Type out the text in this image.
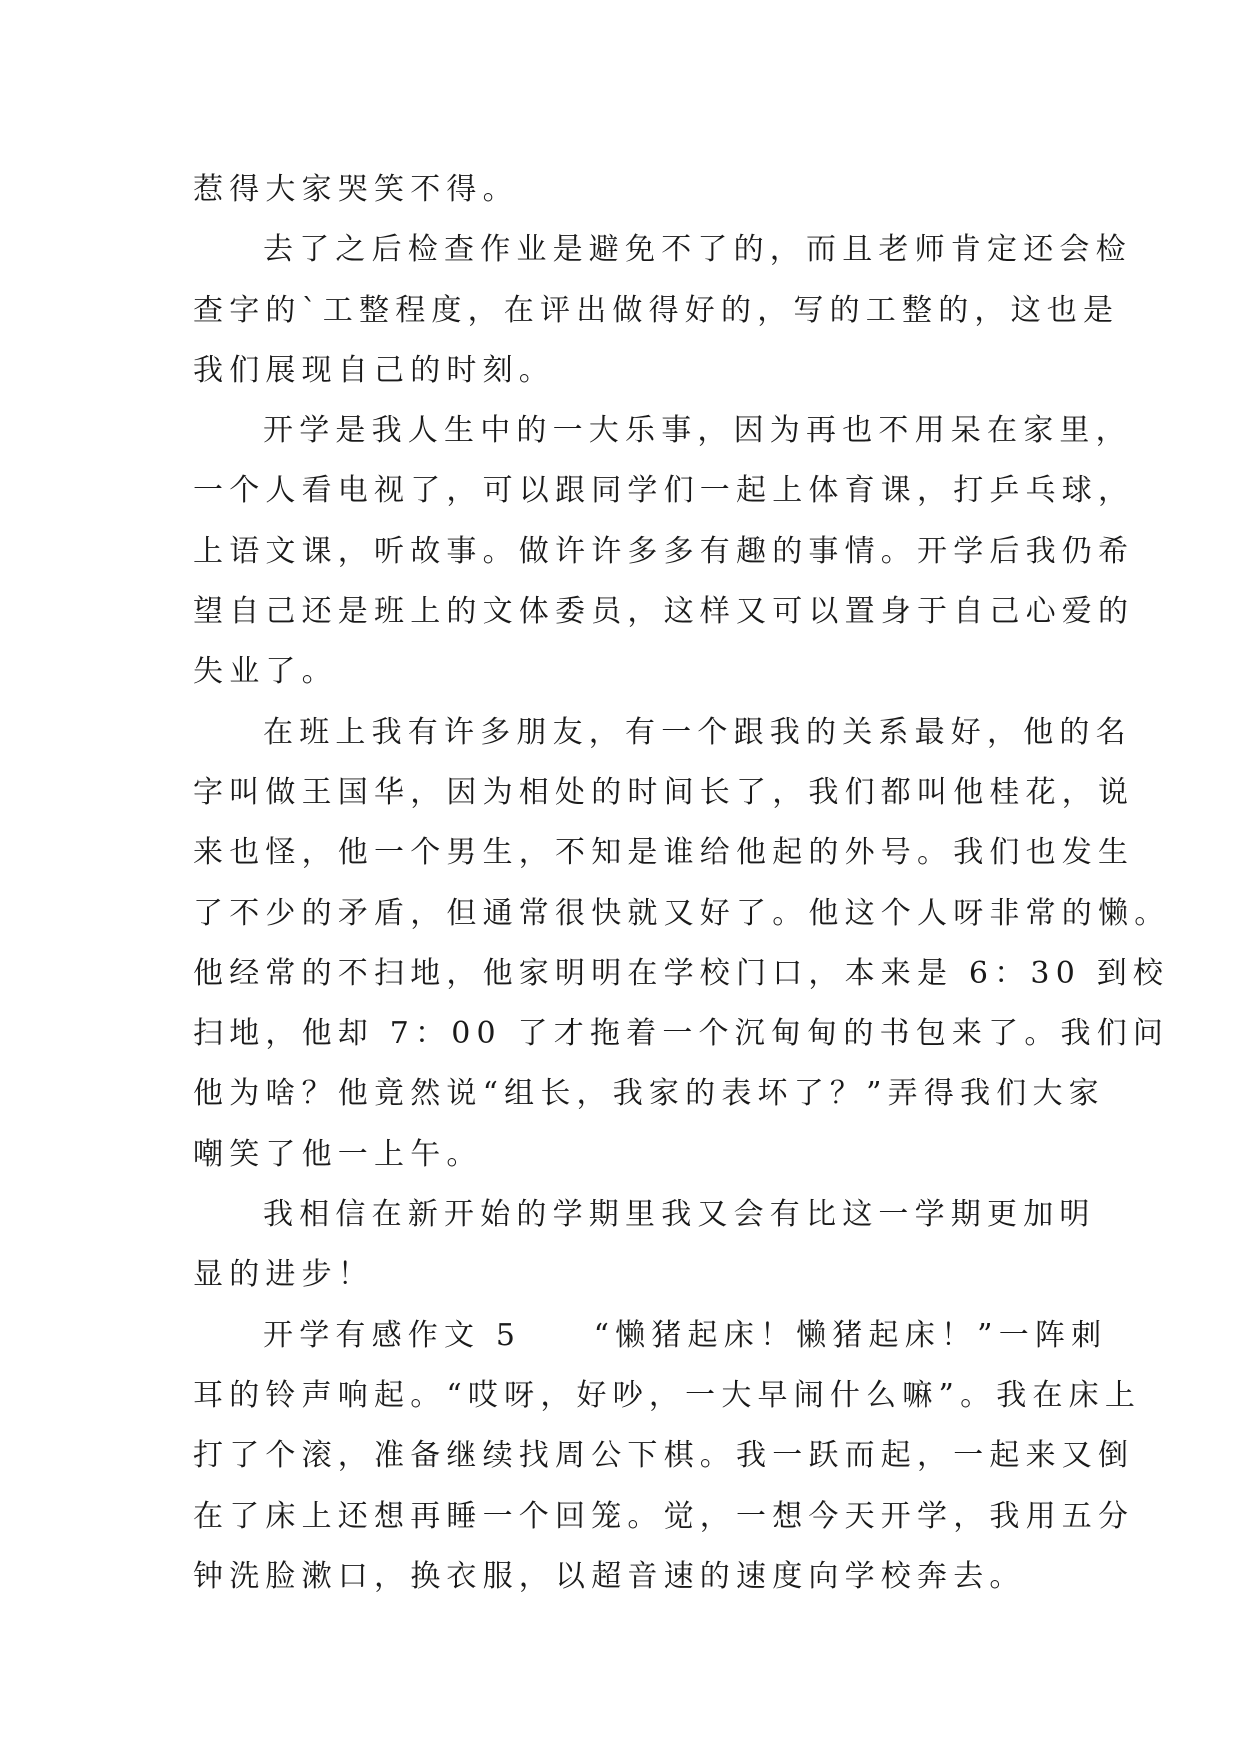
惹得大家哭笑不得。
去了之后检查作业是避免不了的，而且老师肯定还会检
查字的`工整程度，在评出做得好的，写的工整的，这也是
我们展现自己的时刻。
开学是我人生中的一大乐事，因为再也不用呆在家里，
一个人看电视了，可以跟同学们一起上体育课，打乒乓球，
上语文课，听故事。做许许多多有趣的事情。开学后我仍希
望自己还是班上的文体委员，这样又可以置身于自己心爱的
失业了。
在班上我有许多朋友，有一个跟我的关系最好，他的名
字叫做王国华，因为相处的时间长了，我们都叫他桂花，说
来也怪，他一个男生，不知是谁给他起的外号。我们也发生
了不少的矛盾，但通常很快就又好了。他这个人呀非常的懒。
他经常的不扫地，他家明明在学校门口，本来是 6：30 到校
扫地，他却 7：00 了才拖着一个沉甸甸的书包来了。我们问
他为啥？他竟然说“组长，我家的表坏了？”弄得我们大家
嘲笑了他一上午。
我相信在新开始的学期里我又会有比这一学期更加明
显的进步！
开学有感作文 5　　“懒猪起床！懒猪起床！”一阵刺
耳的铃声响起。“哎呀，好吵，一大早闹什么嘛”。我在床上
打了个滚，准备继续找周公下棋。我一跃而起，一起来又倒
在了床上还想再睡一个回笼。觉，一想今天开学，我用五分
钟洗脸漱口，换衣服，以超音速的速度向学校奔去。
